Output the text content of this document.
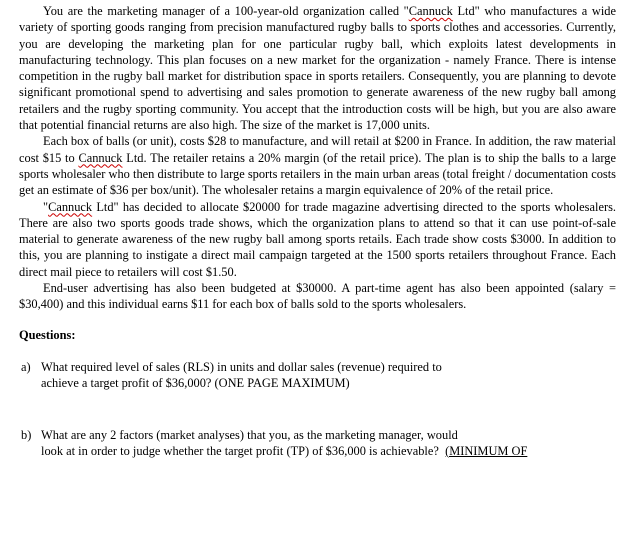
You are the marketing manager of a 100-year-old organization called "Cannuck Ltd" who manufactures a wide variety of sporting goods ranging from precision manufactured rugby balls to sports clothes and accessories. Currently, you are developing the marketing plan for one particular rugby ball, which exploits latest developments in manufacturing technology. This plan focuses on a new market for the organization - namely France. There is intense competition in the rugby ball market for distribution space in sports retailers. Consequently, you are planning to devote significant promotional spend to advertising and sales promotion to generate awareness of the new rugby ball among retailers and the rugby sporting community. You accept that the introduction costs will be high, but you are also aware that potential financial returns are also high. The size of the market is 17,000 units.

Each box of balls (or unit), costs $28 to manufacture, and will retail at $200 in France. In addition, the raw material cost $15 to Cannuck Ltd. The retailer retains a 20% margin (of the retail price). The plan is to ship the balls to a large sports wholesaler who then distribute to large sports retailers in the main urban areas (total freight / documentation costs get an estimate of $36 per box/unit). The wholesaler retains a margin equivalence of 20% of the retail price.

"Cannuck Ltd" has decided to allocate $20000 for trade magazine advertising directed to the sports wholesalers. There are also two sports goods trade shows, which the organization plans to attend so that it can use point-of-sale material to generate awareness of the new rugby ball among sports retails. Each trade show costs $3000. In addition to this, you are planning to instigate a direct mail campaign targeted at the 1500 sports retailers throughout France. Each direct mail piece to retailers will cost $1.50.

End-user advertising has also been budgeted at $30000. A part-time agent has also been appointed (salary = $30,400) and this individual earns $11 for each box of balls sold to the sports wholesalers.

Questions:
a) What required level of sales (RLS) in units and dollar sales (revenue) required to
achieve a target profit of $36,000? (ONE PAGE MAXIMUM)
b) What are any 2 factors (market analyses) that you, as the marketing manager, would
look at in order to judge whether the target profit (TP) of $36,000 is achievable?  (MINIMUM OF
